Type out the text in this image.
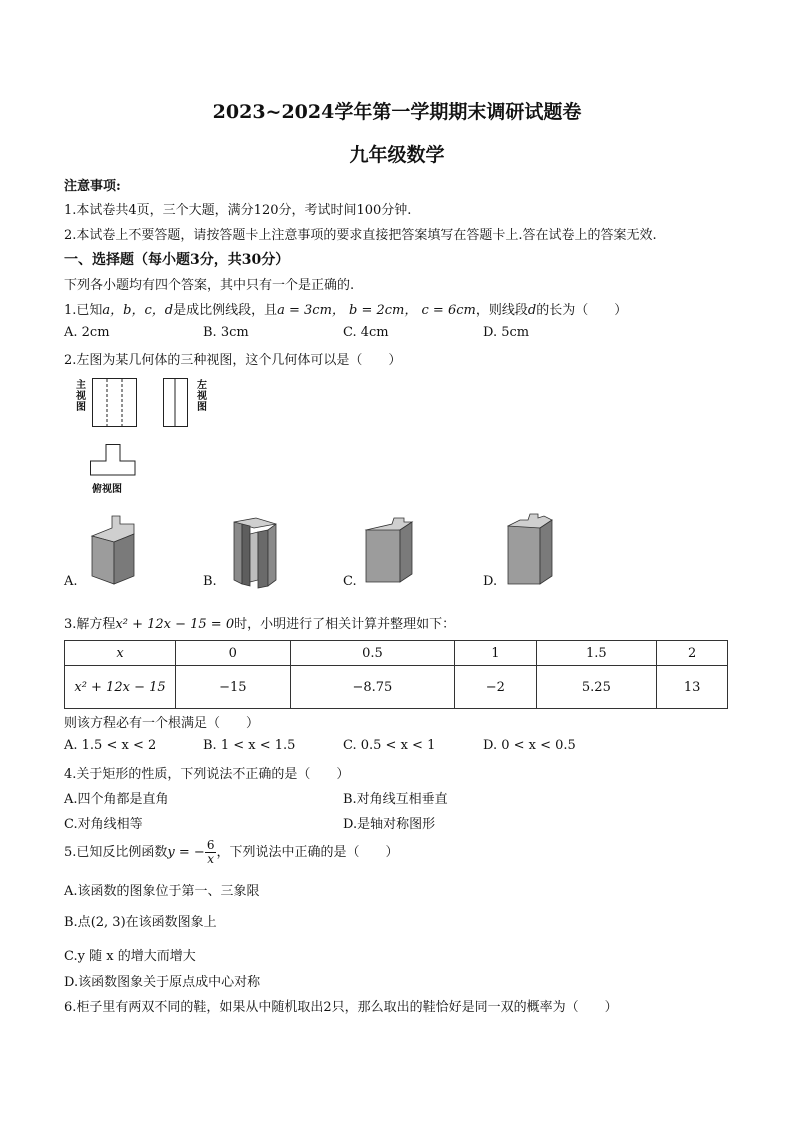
2023~2024学年第一学期期末调研试题卷
九年级数学
注意事项:
1.本试卷共4页，三个大题，满分120分，考试时间100分钟.
2.本试卷上不要答题，请按答题卡上注意事项的要求直接把答案填写在答题卡上.答在试卷上的答案无效.
一、选择题（每小题3分，共30分）
下列各小题均有四个答案，其中只有一个是正确的.
1.已知a，b，c，d是成比例线段，且a = 3cm， b = 2cm， c = 6cm，则线段d的长为（　　）
A. 2cm	B. 3cm	C. 4cm	D. 5cm
2.左图为某几何体的三种视图，这个几何体可以是（　　）
主
视
图
左
视
图
俯视图
A.	B.	C.	D.
3.解方程x² + 12x − 15 = 0时，小明进行了相关计算并整理如下：
x	0	0.5	1	1.5	2
x² + 12x − 15	−15	−8.75	−2	5.25	13
则该方程必有一个根满足（　　）
A. 1.5 < x < 2	B. 1 < x < 1.5	C. 0.5 < x < 1	D. 0 < x < 0.5
4.关于矩形的性质，下列说法不正确的是（　　）
A.四个角都是直角	B.对角线互相垂直
C.对角线相等	D.是轴对称图形
5.已知反比例函数y = − $\frac{6}{x}$ ，下列说法中正确的是（　　）
A.该函数的图象位于第一、三象限
B.点(2, 3)在该函数图象上
C.y 随 x 的增大而增大
D.该函数图象关于原点成中心对称
6.柜子里有两双不同的鞋，如果从中随机取出2只，那么取出的鞋恰好是同一双的概率为（　　）
